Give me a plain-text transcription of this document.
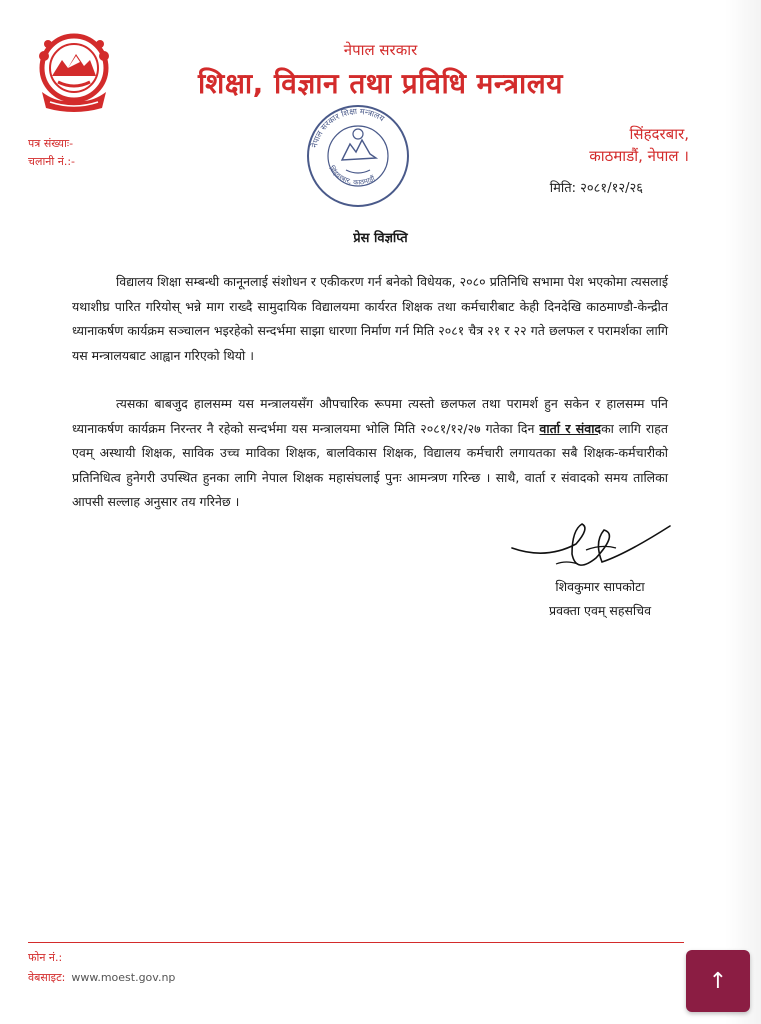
नेपाल सरकार
शिक्षा, विज्ञान तथा प्रविधि मन्त्रालय
पत्र संख्याः-
चलानी नं.:-
सिंहदरबार,
काठमाडौं, नेपाल ।
नेपाल सरकार शिक्षा मन्त्रालय
सिंहदरबार, काठमाडौं
मिति: २०८१/१२/२६
प्रेस विज्ञप्ति

विद्यालय शिक्षा सम्बन्धी कानूनलाई संशोधन र एकीकरण गर्न बनेको विधेयक, २०८० प्रतिनिधि सभामा पेश भएकोमा त्यसलाई यथाशीघ्र पारित गरियोस् भन्ने माग राख्दै सामुदायिक विद्यालयमा कार्यरत शिक्षक तथा कर्मचारीबाट केही दिनदेखि काठमाण्डौ-केन्द्रीत ध्यानाकर्षण कार्यक्रम सञ्चालन भइरहेको सन्दर्भमा साझा धारणा निर्माण गर्न मिति २०८१ चैत्र २१ र २२ गते छलफल र परामर्शका लागि यस मन्त्रालयबाट आह्वान गरिएको थियो ।

त्यसका बाबजुद हालसम्म यस मन्त्रालयसँग औपचारिक रूपमा त्यस्तो छलफल तथा परामर्श हुन सकेन र हालसम्म पनि ध्यानाकर्षण कार्यक्रम निरन्तर नै रहेको सन्दर्भमा यस मन्त्रालयमा भोलि मिति २०८१/१२/२७ गतेका दिन वार्ता र संवादका लागि राहत एवम् अस्थायी शिक्षक, साविक उच्च माविका शिक्षक, बालविकास शिक्षक, विद्यालय कर्मचारी लगायतका सबै शिक्षक-कर्मचारीको प्रतिनिधित्व हुनेगरी उपस्थित हुनका लागि नेपाल शिक्षक महासंघलाई पुनः आमन्त्रण गरिन्छ । साथै, वार्ता र संवादको समय तालिका आपसी सल्लाह अनुसार तय गरिनेछ ।

शिवकुमार सापकोटा
प्रवक्ता एवम् सहसचिव
फोन नं.:
वेबसाइट: www.moest.gov.np	↑
